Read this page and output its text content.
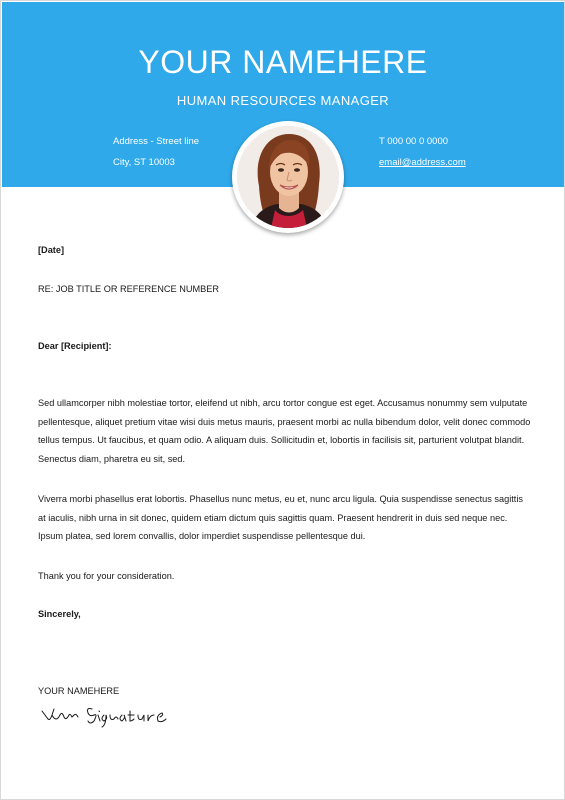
YOUR NAMEHERE
HUMAN RESOURCES MANAGER
Address - Street line
City, ST 10003
T 000 00 0 0000
email@address.com
[Date]
RE: JOB TITLE OR REFERENCE NUMBER
Dear [Recipient]:
Sed ullamcorper nibh molestiae tortor, eleifend ut nibh, arcu tortor congue est eget. Accusamus nonummy sem vulputate pellentesque, aliquet pretium vitae wisi duis metus mauris, praesent morbi ac nulla bibendum dolor, velit donec commodo tellus tempus. Ut faucibus, et quam odio. A aliquam duis. Sollicitudin et, lobortis in facilisis sit, parturient volutpat blandit. Senectus diam, pharetra eu sit, sed.
Viverra morbi phasellus erat lobortis. Phasellus nunc metus, eu et, nunc arcu ligula. Quia suspendisse senectus sagittis at iaculis, nibh urna in sit donec, quidem etiam dictum quis sagittis quam. Praesent hendrerit in duis sed neque nec. Ipsum platea, sed lorem convallis, dolor imperdiet suspendisse pellentesque dui.
Thank you for your consideration.
Sincerely,
YOUR NAMEHERE
